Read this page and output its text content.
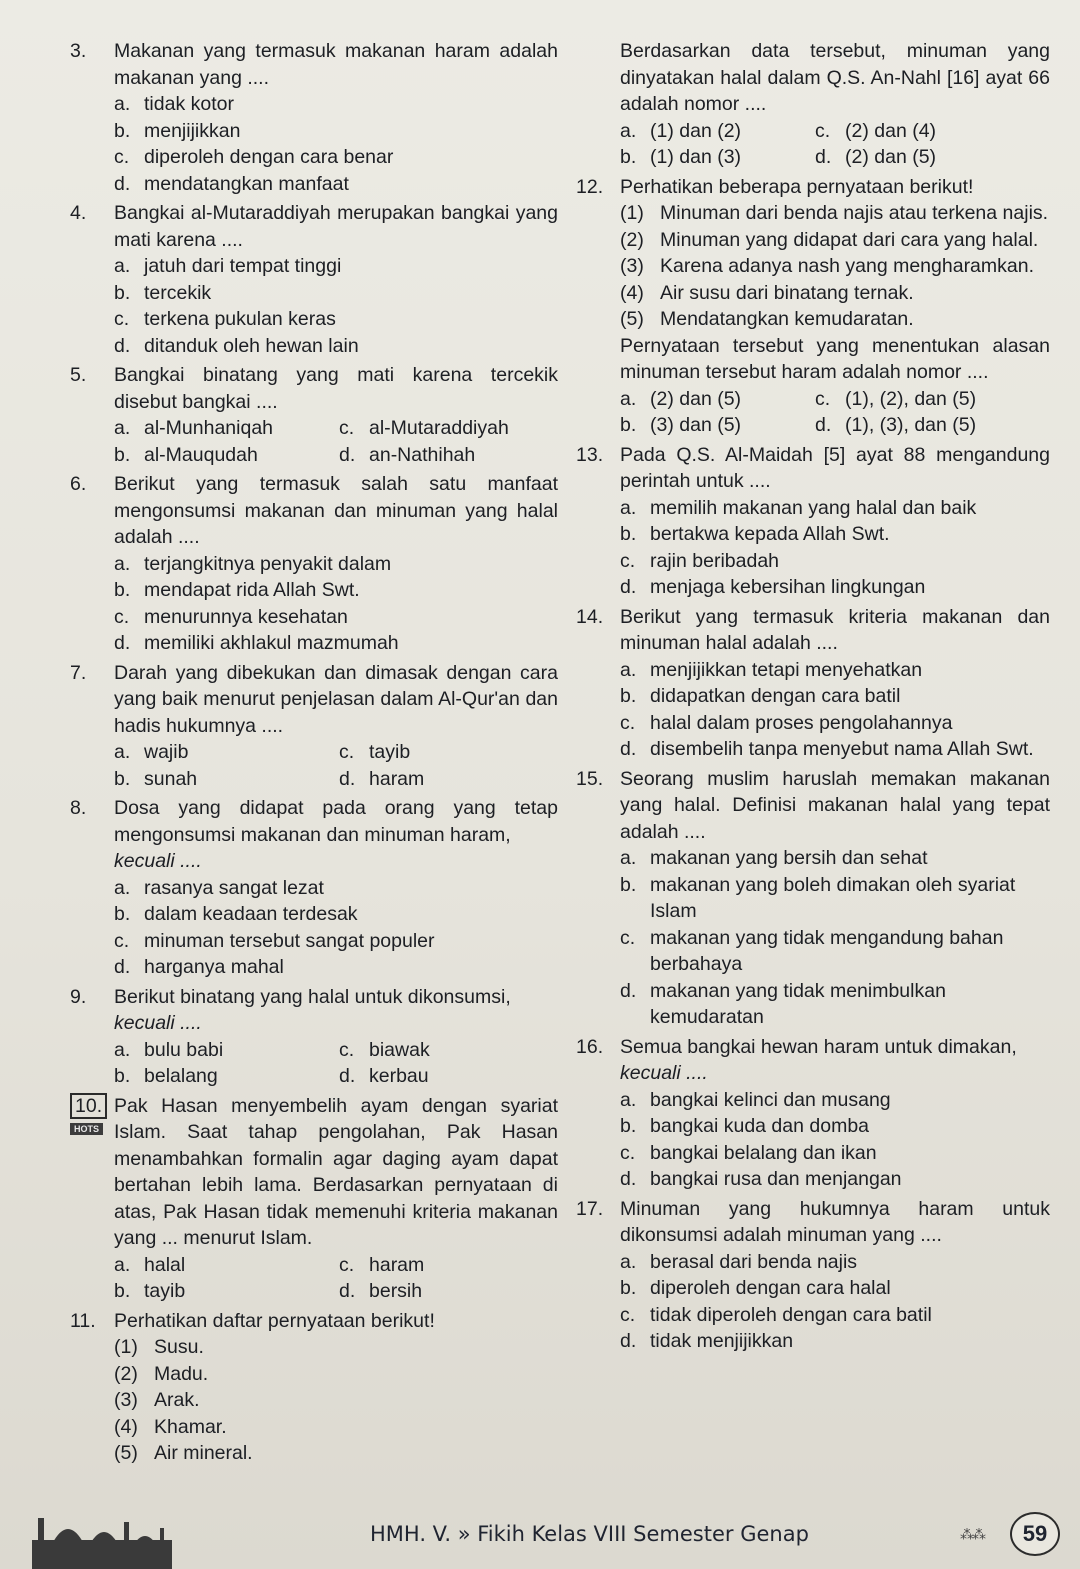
3.	Makanan yang termasuk makanan haram adalah makanan yang ....
a. tidak kotor
b. menjijikkan
c. diperoleh dengan cara benar
d. mendatangkan manfaat
4.	Bangkai al-Mutaraddiyah merupakan bangkai yang mati karena ....
a. jatuh dari tempat tinggi
b. tercekik
c. terkena pukulan keras
d. ditanduk oleh hewan lain
5.	Bangkai binatang yang mati karena tercekik disebut bangkai ....
a. al-Munhaniqah	c. al-Mutaraddiyah
b. al-Mauqudah	d. an-Nathihah
6.	Berikut yang termasuk salah satu manfaat mengonsumsi makanan dan minuman yang halal adalah ....
a. terjangkitnya penyakit dalam
b. mendapat rida Allah Swt.
c. menurunnya kesehatan
d. memiliki akhlakul mazmumah
7.	Darah yang dibekukan dan dimasak dengan cara yang baik menurut penjelasan dalam Al-Qur'an dan hadis hukumnya ....
a. wajib	c. tayib
b. sunah	d. haram
8.	Dosa yang didapat pada orang yang tetap mengonsumsi makanan dan minuman haram,
kecuali ....
a. rasanya sangat lezat
b. dalam keadaan terdesak
c. minuman tersebut sangat populer
d. harganya mahal
9.	Berikut binatang yang halal untuk dikonsumsi,
kecuali ....
a. bulu babi	c. biawak
b. belalang	d. kerbau
10. Pak Hasan menyembelih ayam dengan syariat Islam. Saat tahap pengolahan, Pak Hasan menambahkan formalin agar daging ayam dapat bertahan lebih lama. Berdasarkan pernyataan di atas, Pak Hasan tidak memenuhi kriteria makanan yang ... menurut Islam.
HOTS
a. halal	c. haram
b. tayib	d. bersih
11. Perhatikan daftar pernyataan berikut!
(1) Susu.
(2) Madu.
(3) Arak.
(4) Khamar.
(5) Air mineral.
Berdasarkan data tersebut, minuman yang dinyatakan halal dalam Q.S. An-Nahl [16] ayat 66 adalah nomor ....
a. (1) dan (2)	c. (2) dan (4)
b. (1) dan (3)	d. (2) dan (5)
12. Perhatikan beberapa pernyataan berikut!
(1) Minuman dari benda najis atau terkena najis.
(2) Minuman yang didapat dari cara yang halal.
(3) Karena adanya nash yang mengharamkan.
(4) Air susu dari binatang ternak.
(5) Mendatangkan kemudaratan.
Pernyataan tersebut yang menentukan alasan minuman tersebut haram adalah nomor ....
a. (2) dan (5)	c. (1), (2), dan (5)
b. (3) dan (5)	d. (1), (3), dan (5)
13. Pada Q.S. Al-Maidah [5] ayat 88 mengandung perintah untuk ....
a. memilih makanan yang halal dan baik
b. bertakwa kepada Allah Swt.
c. rajin beribadah
d. menjaga kebersihan lingkungan
14. Berikut yang termasuk kriteria makanan dan minuman halal adalah ....
a. menjijikkan tetapi menyehatkan
b. didapatkan dengan cara batil
c. halal dalam proses pengolahannya
d. disembelih tanpa menyebut nama Allah Swt.
15. Seorang muslim haruslah memakan makanan yang halal. Definisi makanan halal yang tepat adalah ....
a. makanan yang bersih dan sehat
b. makanan yang boleh dimakan oleh syariat Islam
c. makanan yang tidak mengandung bahan berbahaya
d. makanan yang tidak menimbulkan kemudaratan
16. Semua bangkai hewan haram untuk dimakan,
kecuali ....
a. bangkai kelinci dan musang
b. bangkai kuda dan domba
c. bangkai belalang dan ikan
d. bangkai rusa dan menjangan
17. Minuman yang hukumnya haram untuk dikonsumsi adalah minuman yang ....
a. berasal dari benda najis
b. diperoleh dengan cara halal
c. tidak diperoleh dengan cara batil
d. tidak menjijikkan
HMH. V. » Fikih Kelas VIII Semester Genap	⁂⁂ 59
